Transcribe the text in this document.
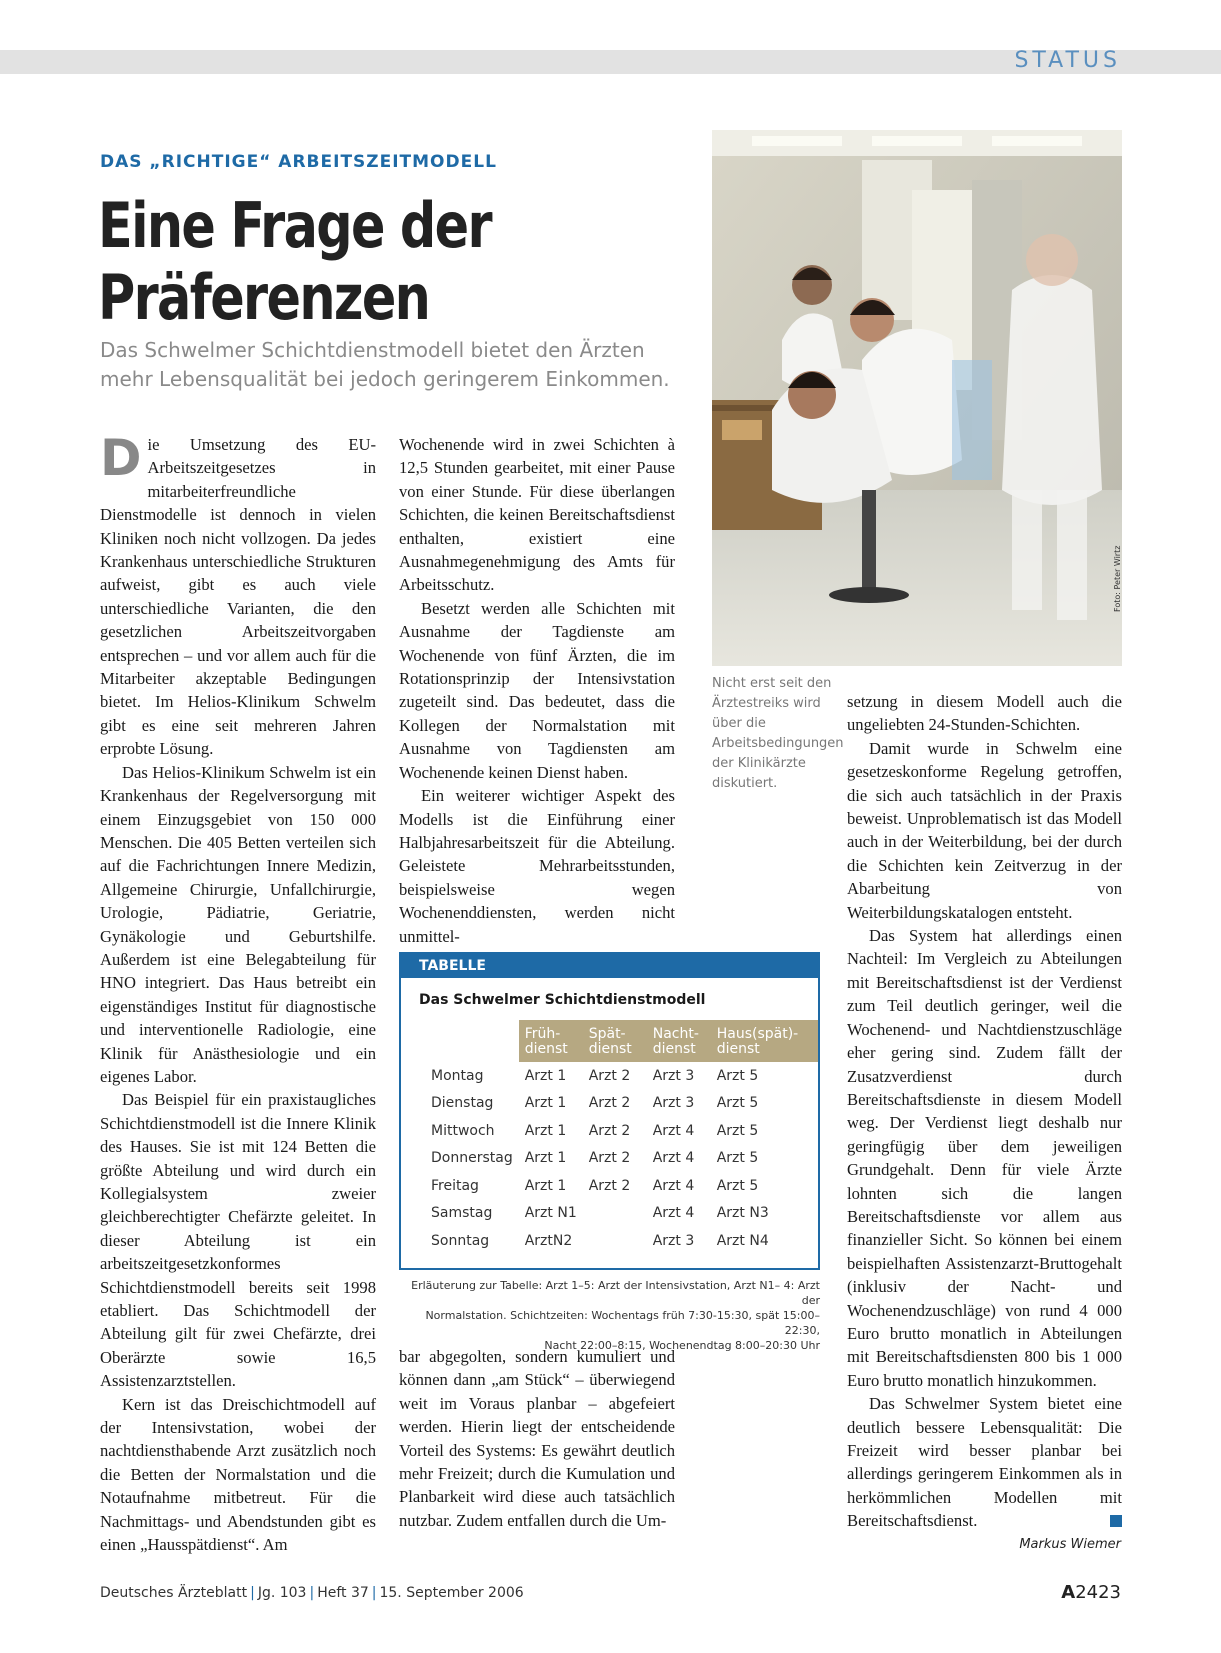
STATUS
DAS „RICHTIGE“ ARBEITSZEITMODELL
Eine Frage der
Präferenzen
Das Schwelmer Schichtdienstmodell bietet den Ärzten mehr Lebensqualität bei jedoch geringerem Einkommen.

Die Umsetzung des EU-Arbeitszeitgesetzes in mitarbeiterfreundliche Dienstmodelle ist dennoch in vielen Kliniken noch nicht vollzogen. Da jedes Krankenhaus unterschiedliche Strukturen aufweist, gibt es auch viele unterschiedliche Varianten, die den gesetzlichen Arbeitszeitvorgaben entsprechen – und vor allem auch für die Mitarbeiter akzeptable Bedingungen bietet. Im Helios-Klinikum Schwelm gibt es eine seit mehreren Jahren erprobte Lösung.

Das Helios-Klinikum Schwelm ist ein Krankenhaus der Regelversorgung mit einem Einzugsgebiet von 150 000 Menschen. Die 405 Betten verteilen sich auf die Fachrichtungen Innere Medizin, Allgemeine Chirurgie, Unfallchirurgie, Urologie, Pädiatrie, Geriatrie, Gynäkologie und Geburtshilfe. Außerdem ist eine Belegabteilung für HNO integriert. Das Haus betreibt ein eigenständiges Institut für diagnostische und interventionelle Radiologie, eine Klinik für Anästhesiologie und ein eigenes Labor.

Das Beispiel für ein praxistaugliches Schichtdienstmodell ist die Innere Klinik des Hauses. Sie ist mit 124 Betten die größte Abteilung und wird durch ein Kollegialsystem zweier gleichberechtigter Chefärzte geleitet. In dieser Abteilung ist ein arbeitszeitgesetzkonformes Schichtdienstmodell bereits seit 1998 etabliert. Das Schichtmodell der Abteilung gilt für zwei Chefärzte, drei Oberärzte sowie 16,5 Assistenzarztstellen.

Kern ist das Dreischichtmodell auf der Intensivstation, wobei der nachtdiensthabende Arzt zusätzlich noch die Betten der Normalstation und die Notaufnahme mitbetreut. Für die Nachmittags- und Abendstunden gibt es einen „Hausspätdienst“. Am

Wochenende wird in zwei Schichten à 12,5 Stunden gearbeitet, mit einer Pause von einer Stunde. Für diese überlangen Schichten, die keinen Bereitschaftsdienst enthalten, existiert eine Ausnahmegenehmigung des Amts für Arbeitsschutz.

Besetzt werden alle Schichten mit Ausnahme der Tagdienste am Wochenende von fünf Ärzten, die im Rotationsprinzip der Intensivstation zugeteilt sind. Das bedeutet, dass die Kollegen der Normalstation mit Ausnahme von Tagdiensten am Wochenende keinen Dienst haben.

Ein weiterer wichtiger Aspekt des Modells ist die Einführung einer Halbjahresarbeitszeit für die Abteilung. Geleistete Mehrarbeitsstunden, beispielsweise wegen Wochenenddiensten, werden nicht unmittel-

TABELLE
Das Schwelmer Schichtdienstmodell
	Früh-dienst	Spät-dienst	Nacht-dienst	Haus(spät)-dienst
Montag	Arzt 1	Arzt 2	Arzt 3	Arzt 5
Dienstag	Arzt 1	Arzt 2	Arzt 3	Arzt 5
Mittwoch	Arzt 1	Arzt 2	Arzt 4	Arzt 5
Donnerstag	Arzt 1	Arzt 2	Arzt 4	Arzt 5
Freitag	Arzt 1	Arzt 2	Arzt 4	Arzt 5
Samstag	Arzt N1		Arzt 4	Arzt N3
Sonntag	ArztN2		Arzt 3	Arzt N4
Erläuterung zur Tabelle: Arzt 1–5: Arzt der Intensivstation, Arzt N1– 4: Arzt der
Normalstation. Schichtzeiten: Wochentags früh 7:30-15:30, spät 15:00–22:30,
Nacht 22:00–8:15, Wochenendtag 8:00–20:30 Uhr

bar abgegolten, sondern kumuliert und können dann „am Stück“ – überwiegend weit im Voraus planbar – abgefeiert werden. Hierin liegt der entscheidende Vorteil des Systems: Es gewährt deutlich mehr Freizeit; durch die Kumulation und Planbarkeit wird diese auch tatsächlich nutzbar. Zudem entfallen durch die Um-

Foto: Peter Wirtz
Nicht erst seit den Ärztestreiks wird über die Arbeitsbedingungen der Klinikärzte diskutiert.

setzung in diesem Modell auch die ungeliebten 24-Stunden-Schichten.

Damit wurde in Schwelm eine gesetzeskonforme Regelung getroffen, die sich auch tatsächlich in der Praxis beweist. Unproblematisch ist das Modell auch in der Weiterbildung, bei der durch die Schichten kein Zeitverzug in der Abarbeitung von Weiterbildungskatalogen entsteht.

Das System hat allerdings einen Nachteil: Im Vergleich zu Abteilungen mit Bereitschaftsdienst ist der Verdienst zum Teil deutlich geringer, weil die Wochenend- und Nachtdienstzuschläge eher gering sind. Zudem fällt der Zusatzverdienst durch Bereitschaftsdienste in diesem Modell weg. Der Verdienst liegt deshalb nur geringfügig über dem jeweiligen Grundgehalt. Denn für viele Ärzte lohnten sich die langen Bereitschaftsdienste vor allem aus finanzieller Sicht. So können bei einem beispielhaften Assistenzarzt-Bruttogehalt (inklusiv der Nacht- und Wochenendzuschläge) von rund 4 000 Euro brutto monatlich in Abteilungen mit Bereitschaftsdiensten 800 bis 1 000 Euro brutto monatlich hinzukommen.

Das Schwelmer System bietet eine deutlich bessere Lebensqualität: Die Freizeit wird besser planbar bei allerdings geringerem Einkommen als in herkömmlichen Modellen mit Bereitschaftsdienst.

Markus Wiemer
Deutsches Ärzteblatt | Jg. 103 | Heft 37 | 15. September 2006	A2423
